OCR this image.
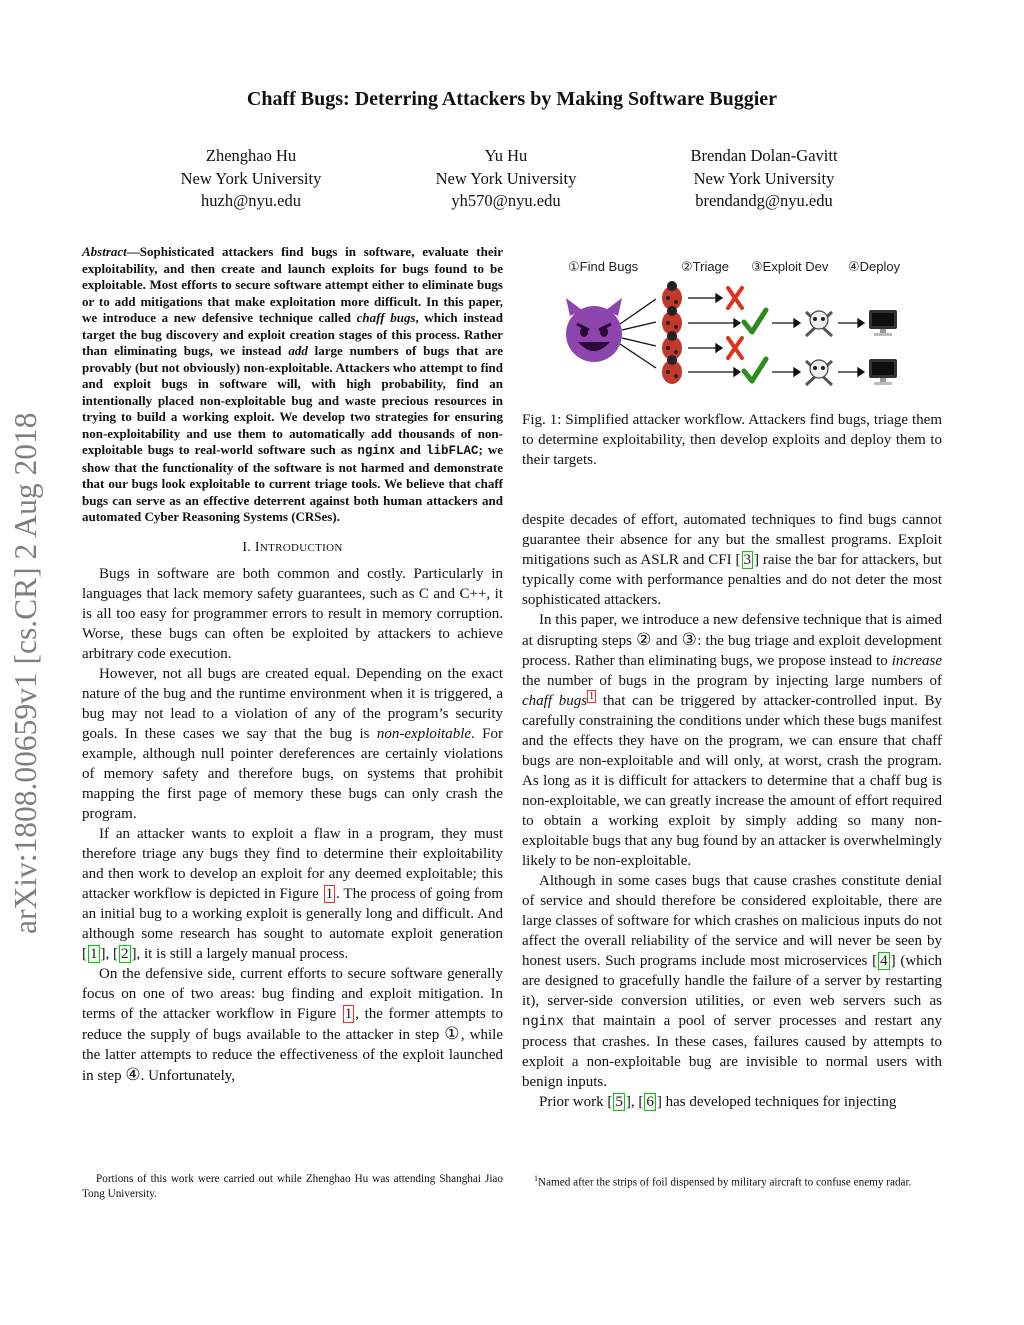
arXiv:1808.00659v1 [cs.CR] 2 Aug 2018
Chaff Bugs: Deterring Attackers by Making Software Buggier
Zhenghao Hu
New York University
huzh@nyu.edu
Yu Hu
New York University
yh570@nyu.edu
Brendan Dolan-Gavitt
New York University
brendandg@nyu.edu

Abstract—Sophisticated attackers find bugs in software, evaluate their exploitability, and then create and launch exploits for bugs found to be exploitable. Most efforts to secure software attempt either to eliminate bugs or to add mitigations that make exploitation more difficult. In this paper, we introduce a new defensive technique called chaff bugs, which instead target the bug discovery and exploit creation stages of this process. Rather than eliminating bugs, we instead add large numbers of bugs that are provably (but not obviously) non-exploitable. Attackers who attempt to find and exploit bugs in software will, with high probability, find an intentionally placed non-exploitable bug and waste precious resources in trying to build a working exploit. We develop two strategies for ensuring non-exploitability and use them to automatically add thousands of non-exploitable bugs to real-world software such as nginx and libFLAC; we show that the functionality of the software is not harmed and demonstrate that our bugs look exploitable to current triage tools. We believe that chaff bugs can serve as an effective deterrent against both human attackers and automated Cyber Reasoning Systems (CRSes).

I. INTRODUCTION

Bugs in software are both common and costly. Particularly in languages that lack memory safety guarantees, such as C and C++, it is all too easy for programmer errors to result in memory corruption. Worse, these bugs can often be exploited by attackers to achieve arbitrary code execution.

However, not all bugs are created equal. Depending on the exact nature of the bug and the runtime environment when it is triggered, a bug may not lead to a violation of any of the program’s security goals. In these cases we say that the bug is non-exploitable. For example, although null pointer dereferences are certainly violations of memory safety and therefore bugs, on systems that prohibit mapping the first page of memory these bugs can only crash the program.

If an attacker wants to exploit a flaw in a program, they must therefore triage any bugs they find to determine their exploitability and then work to develop an exploit for any deemed exploitable; this attacker workflow is depicted in Figure 1 . The process of going from an initial bug to a working exploit is generally long and difficult. And although some research has sought to automate exploit generation [ 1 ], [ 2 ], it is still a largely manual process.

On the defensive side, current efforts to secure software generally focus on one of two areas: bug finding and exploit mitigation. In terms of the attacker workflow in Figure 1 , the former attempts to reduce the supply of bugs available to the attacker in step ①, while the latter attempts to reduce the effectiveness of the exploit launched in step ④. Unfortunately,

Portions of this work were carried out while Zhenghao Hu was attending Shanghai Jiao Tong University.
①Find Bugs	②Triage ③Exploit Dev ④Deploy
Fig. 1: Simplified attacker workflow. Attackers find bugs, triage them to determine exploitability, then develop exploits and deploy them to their targets.

despite decades of effort, automated techniques to find bugs cannot guarantee their absence for any but the smallest programs. Exploit mitigations such as ASLR and CFI [ 3 ] raise the bar for attackers, but typically come with performance penalties and do not deter the most sophisticated attackers.

In this paper, we introduce a new defensive technique that is aimed at disrupting steps ② and ③: the bug triage and exploit development process. Rather than eliminating bugs, we propose instead to increase the number of bugs in the program by injecting large numbers of chaff bugs $^1$ that can be triggered by attacker-controlled input. By carefully constraining the conditions under which these bugs manifest and the effects they have on the program, we can ensure that chaff bugs are non-exploitable and will only, at worst, crash the program. As long as it is difficult for attackers to determine that a chaff bug is non-exploitable, we can greatly increase the amount of effort required to obtain a working exploit by simply adding so many non-exploitable bugs that any bug found by an attacker is overwhelmingly likely to be non-exploitable.

Although in some cases bugs that cause crashes constitute denial of service and should therefore be considered exploitable, there are large classes of software for which crashes on malicious inputs do not affect the overall reliability of the service and will never be seen by honest users. Such programs include most microservices [ 4 ] (which are designed to gracefully handle the failure of a server by restarting it), server-side conversion utilities, or even web servers such as nginx that maintain a pool of server processes and restart any process that crashes. In these cases, failures caused by attempts to exploit a non-exploitable bug are invisible to normal users with benign inputs.

Prior work [ 5 ], [ 6 ] has developed techniques for injecting

$^1$Named after the strips of foil dispensed by military aircraft to confuse enemy radar.
